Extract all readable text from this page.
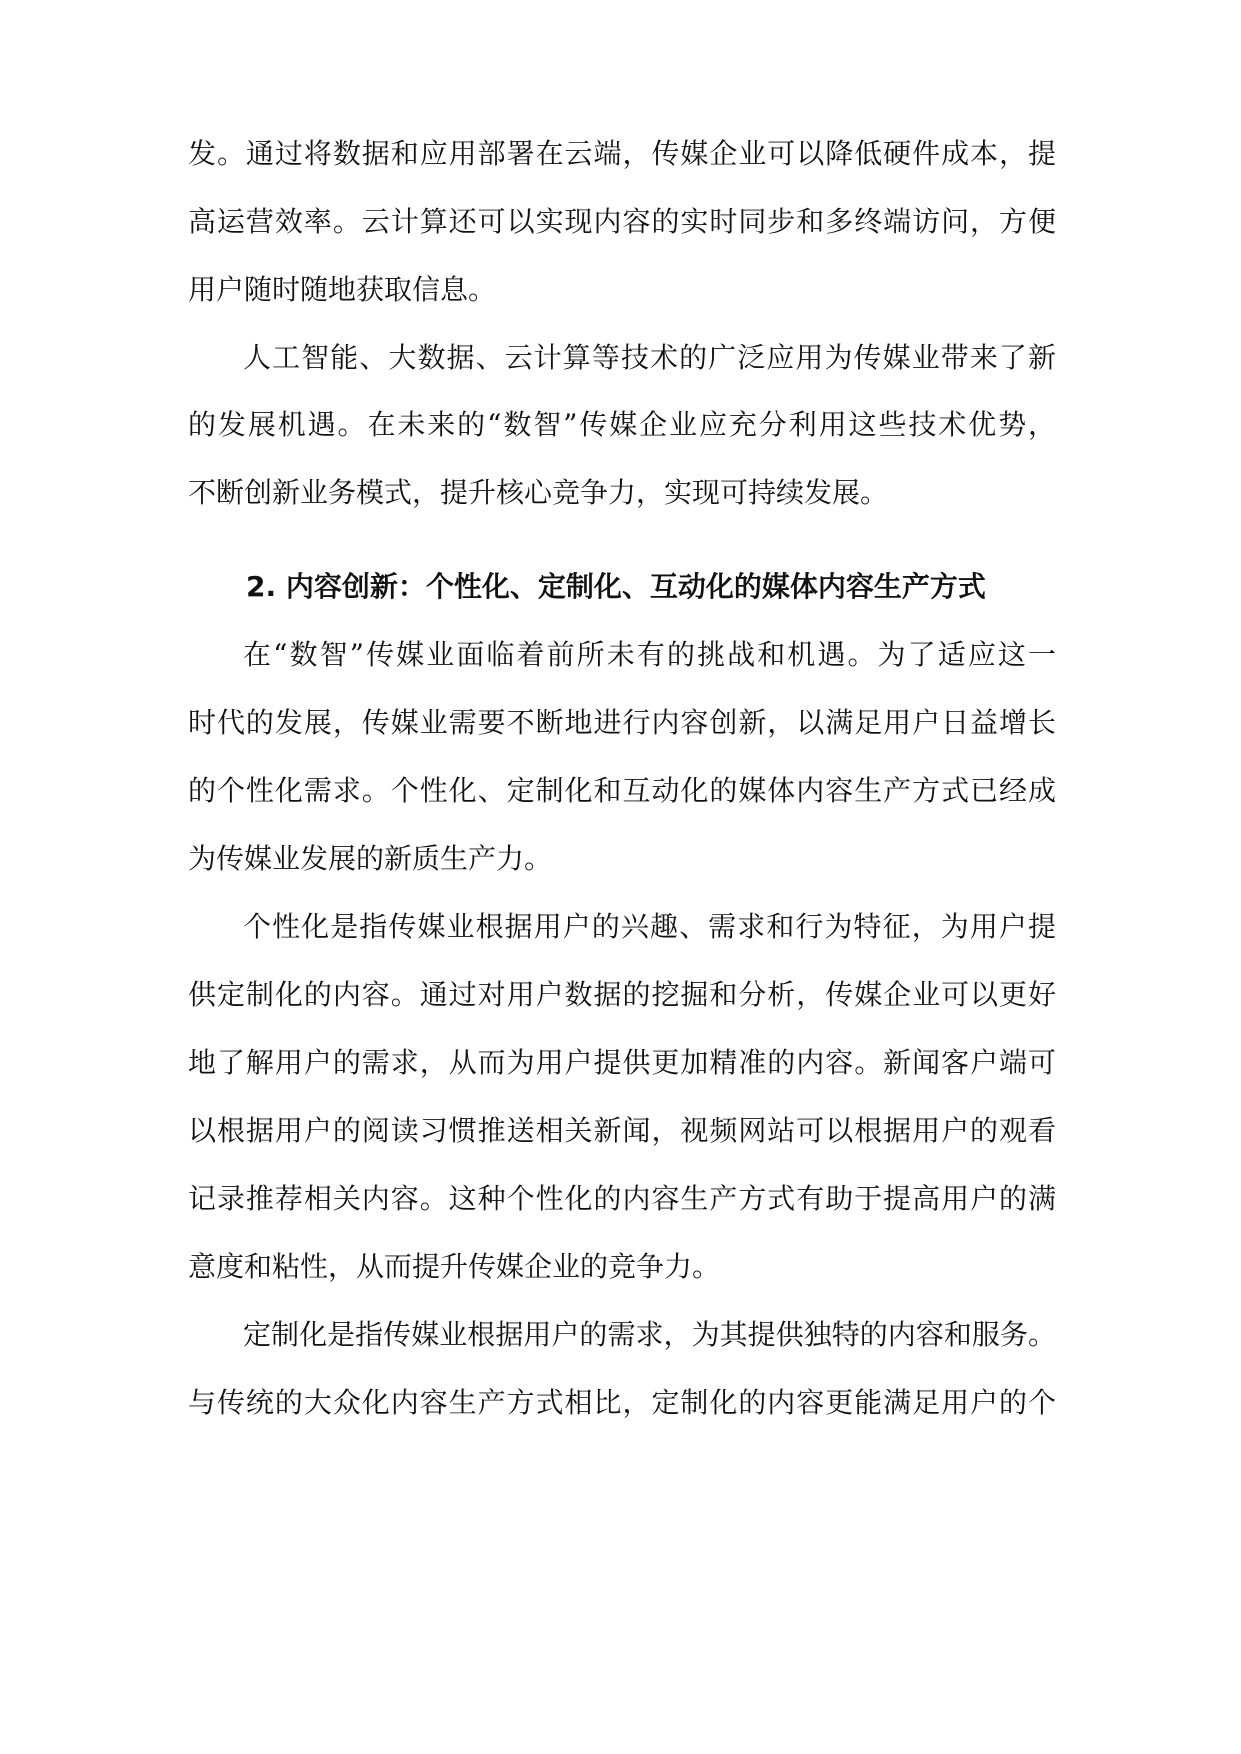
发。通过将数据和应用部署在云端，传媒企业可以降低硬件成本，提
高运营效率。云计算还可以实现内容的实时同步和多终端访问，方便
用户随时随地获取信息。
人工智能、大数据、云计算等技术的广泛应用为传媒业带来了新
的发展机遇。在未来的“数智”传媒企业应充分利用这些技术优势，
不断创新业务模式，提升核心竞争力，实现可持续发展。
2. 内容创新：个性化、定制化、互动化的媒体内容生产方式
在“数智”传媒业面临着前所未有的挑战和机遇。为了适应这一
时代的发展，传媒业需要不断地进行内容创新，以满足用户日益增长
的个性化需求。个性化、定制化和互动化的媒体内容生产方式已经成
为传媒业发展的新质生产力。
个性化是指传媒业根据用户的兴趣、需求和行为特征，为用户提
供定制化的内容。通过对用户数据的挖掘和分析，传媒企业可以更好
地了解用户的需求，从而为用户提供更加精准的内容。新闻客户端可
以根据用户的阅读习惯推送相关新闻，视频网站可以根据用户的观看
记录推荐相关内容。这种个性化的内容生产方式有助于提高用户的满
意度和粘性，从而提升传媒企业的竞争力。
定制化是指传媒业根据用户的需求，为其提供独特的内容和服务。
与传统的大众化内容生产方式相比，定制化的内容更能满足用户的个
